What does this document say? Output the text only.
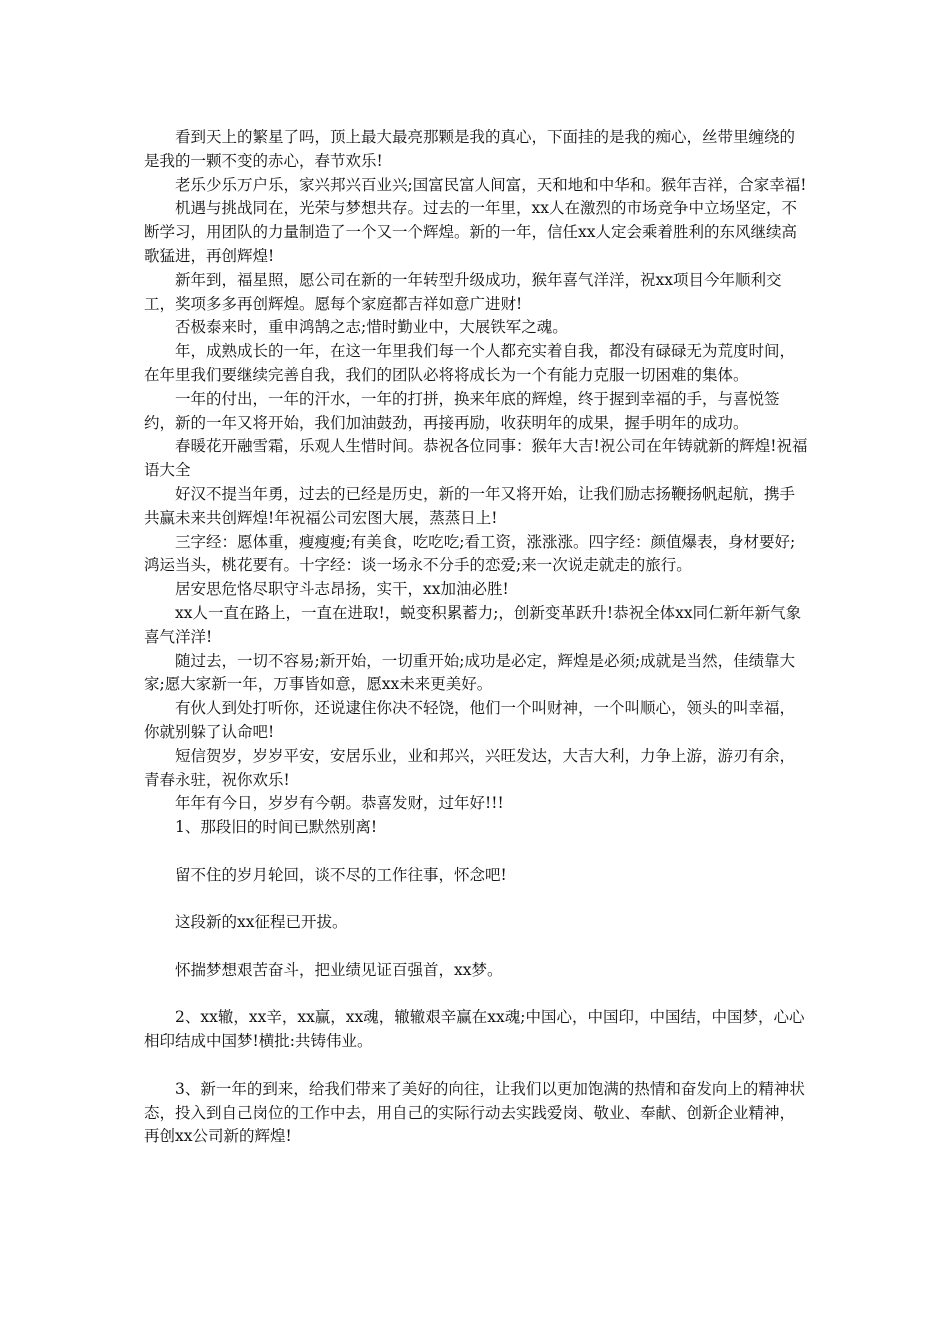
看到天上的繁星了吗，顶上最大最亮那颗是我的真心，下面挂的是我的痴心，丝带里缠绕的是我的一颗不变的赤心，春节欢乐!

老乐少乐万户乐，家兴邦兴百业兴;国富民富人间富，天和地和中华和。猴年吉祥，合家幸福!

机遇与挑战同在，光荣与梦想共存。过去的一年里，xx人在激烈的市场竞争中立场坚定，不断学习，用团队的力量制造了一个又一个辉煌。新的一年，信任xx人定会乘着胜利的东风继续高歌猛进，再创辉煌!

新年到，福星照，愿公司在新的一年转型升级成功，猴年喜气洋洋，祝xx项目今年顺利交工，奖项多多再创辉煌。愿每个家庭都吉祥如意广进财!

否极泰来时，重申鸿鹄之志;惜时勤业中，大展铁军之魂。

年，成熟成长的一年，在这一年里我们每一个人都充实着自我，都没有碌碌无为荒度时间，在年里我们要继续完善自我，我们的团队必将将成长为一个有能力克服一切困难的集体。

一年的付出，一年的汗水，一年的打拼，换来年底的辉煌，终于握到幸福的手，与喜悦签约，新的一年又将开始，我们加油鼓劲，再接再励，收获明年的成果，握手明年的成功。

春暖花开融雪霜，乐观人生惜时间。恭祝各位同事：猴年大吉!祝公司在年铸就新的辉煌!祝福语大全

好汉不提当年勇，过去的已经是历史，新的一年又将开始，让我们励志扬鞭扬帆起航，携手共赢未来共创辉煌!年祝福公司宏图大展，蒸蒸日上!

三字经：愿体重，瘦瘦瘦;有美食，吃吃吃;看工资，涨涨涨。四字经：颜值爆表，身材要好;鸿运当头，桃花要有。十字经：谈一场永不分手的恋爱;来一次说走就走的旅行。

居安思危恪尽职守斗志昂扬，实干，xx加油必胜!

xx人一直在路上，一直在进取!，蜕变积累蓄力;，创新变革跃升!恭祝全体xx同仁新年新气象喜气洋洋!

随过去，一切不容易;新开始，一切重开始;成功是必定，辉煌是必须;成就是当然，佳绩靠大家;愿大家新一年，万事皆如意，愿xx未来更美好。

有伙人到处打听你，还说逮住你决不轻饶，他们一个叫财神，一个叫顺心，领头的叫幸福，你就别躲了认命吧!

短信贺岁，岁岁平安，安居乐业，业和邦兴，兴旺发达，大吉大利，力争上游，游刃有余，青春永驻，祝你欢乐!

年年有今日，岁岁有今朝。恭喜发财，过年好!!!

1、那段旧的时间已默然别离!

留不住的岁月轮回，谈不尽的工作往事，怀念吧!

这段新的xx征程已开拔。

怀揣梦想艰苦奋斗，把业绩见证百强首，xx梦。

2、xx辙，xx辛，xx赢，xx魂，辙辙艰辛赢在xx魂;中国心，中国印，中国结，中国梦，心心相印结成中国梦!横批:共铸伟业。

3、新一年的到来，给我们带来了美好的向往，让我们以更加饱满的热情和奋发向上的精神状态，投入到自己岗位的工作中去，用自己的实际行动去实践爱岗、敬业、奉献、创新企业精神，再创xx公司新的辉煌!
